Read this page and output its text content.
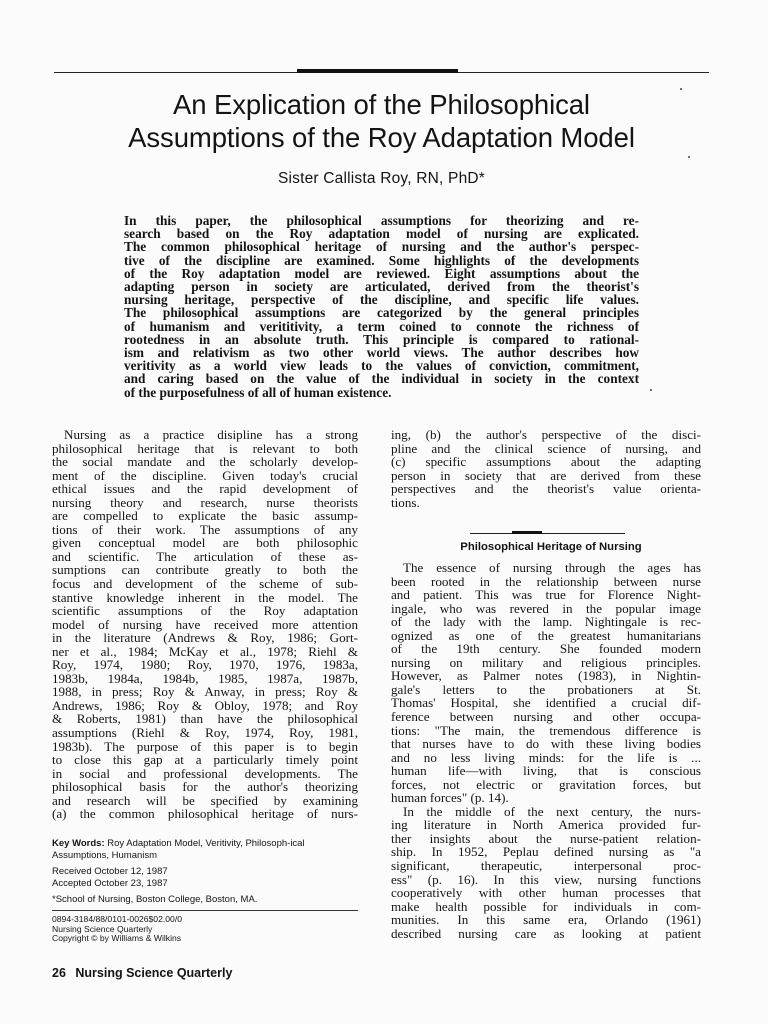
An Explication of the Philosophical
Assumptions of the Roy Adaptation Model
Sister Callista Roy, RN, PhD*
In this paper, the philosophical assumptions for theorizing and re-
search based on the Roy adaptation model of nursing are explicated.
The common philosophical heritage of nursing and the author's perspec-
tive of the discipline are examined. Some highlights of the developments
of the Roy adaptation model are reviewed. Eight assumptions about the
adapting person in society are articulated, derived from the theorist's
nursing heritage, perspective of the discipline, and specific life values.
The philosophical assumptions are categorized by the general principles
of humanism and verititivity, a term coined to connote the richness of
rootedness in an absolute truth. This principle is compared to rational-
ism and relativism as two other world views. The author describes how
veritivity as a world view leads to the values of conviction, commitment,
and caring based on the value of the individual in society in the context
of the purposefulness of all of human existence.
Nursing as a practice disipline has a strong
philosophical heritage that is relevant to both
the social mandate and the scholarly develop-
ment of the discipline. Given today's crucial
ethical issues and the rapid development of
nursing theory and research, nurse theorists
are compelled to explicate the basic assump-
tions of their work. The assumptions of any
given conceptual model are both philosophic
and scientific. The articulation of these as-
sumptions can contribute greatly to both the
focus and development of the scheme of sub-
stantive knowledge inherent in the model. The
scientific assumptions of the Roy adaptation
model of nursing have received more attention
in the literature (Andrews & Roy, 1986; Gort-
ner et al., 1984; McKay et al., 1978; Riehl &
Roy, 1974, 1980; Roy, 1970, 1976, 1983a,
1983b, 1984a, 1984b, 1985, 1987a, 1987b,
1988, in press; Roy & Anway, in press; Roy &
Andrews, 1986; Roy & Obloy, 1978; and Roy
& Roberts, 1981) than have the philosophical
assumptions (Riehl & Roy, 1974, Roy, 1981,
1983b). The purpose of this paper is to begin
to close this gap at a particularly timely point
in social and professional developments. The
philosophical basis for the author's theorizing
and research will be specified by examining
(a) the common philosophical heritage of nurs-
ing, (b) the author's perspective of the disci-
pline and the clinical science of nursing, and
(c) specific assumptions about the adapting
person in society that are derived from these
perspectives and the theorist's value orienta-
tions.
Philosophical Heritage of Nursing
The essence of nursing through the ages has
been rooted in the relationship between nurse
and patient. This was true for Florence Night-
ingale, who was revered in the popular image
of the lady with the lamp. Nightingale is rec-
ognized as one of the greatest humanitarians
of the 19th century. She founded modern
nursing on military and religious principles.
However, as Palmer notes (1983), in Nightin-
gale's letters to the probationers at St.
Thomas' Hospital, she identified a crucial dif-
ference between nursing and other occupa-
tions: "The main, the tremendous difference is
that nurses have to do with these living bodies
and no less living minds: for the life is ...
human life—with living, that is conscious
forces, not electric or gravitation forces, but
human forces" (p. 14).
In the middle of the next century, the nurs-
ing literature in North America provided fur-
ther insights about the nurse-patient relation-
ship. In 1952, Peplau defined nursing as "a
significant, therapeutic, interpersonal proc-
ess" (p. 16). In this view, nursing functions
cooperatively with other human processes that
make health possible for individuals in com-
munities. In this same era, Orlando (1961)
described nursing care as looking at patient

Key Words: Roy Adaptation Model, Veritivity, Philosoph-ical Assumptions, Humanism

Received October 12, 1987
Accepted October 23, 1987

*School of Nursing, Boston College, Boston, MA.

0894-3184/88/0101-0026$02.00/0
Nursing Science Quarterly
Copyright © by Williams & Wilkins
26 Nursing Science Quarterly
